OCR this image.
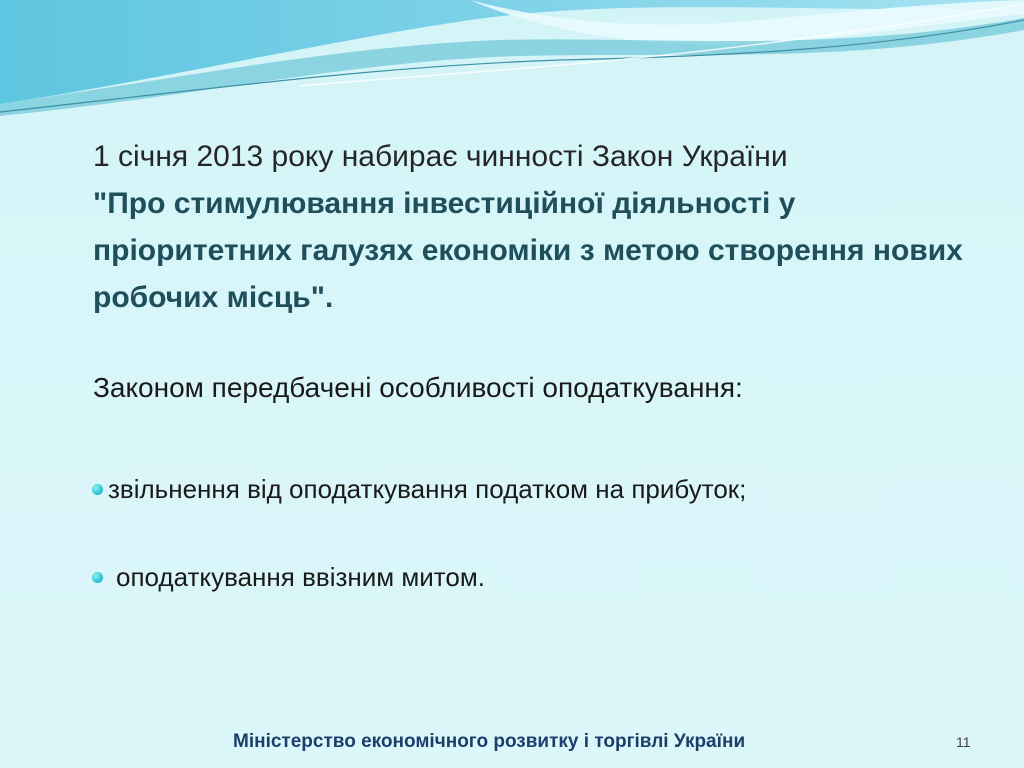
1 січня 2013 року набирає чинності Закон України
"Про стимулювання інвестиційної діяльності у пріоритетних галузях економіки з метою створення нових робочих місць".

Законом передбачені особливості оподаткування:

звільнення від оподаткування податком на прибуток;
оподаткування ввізним митом.
Міністерство економічного розвитку і торгівлі України	11
